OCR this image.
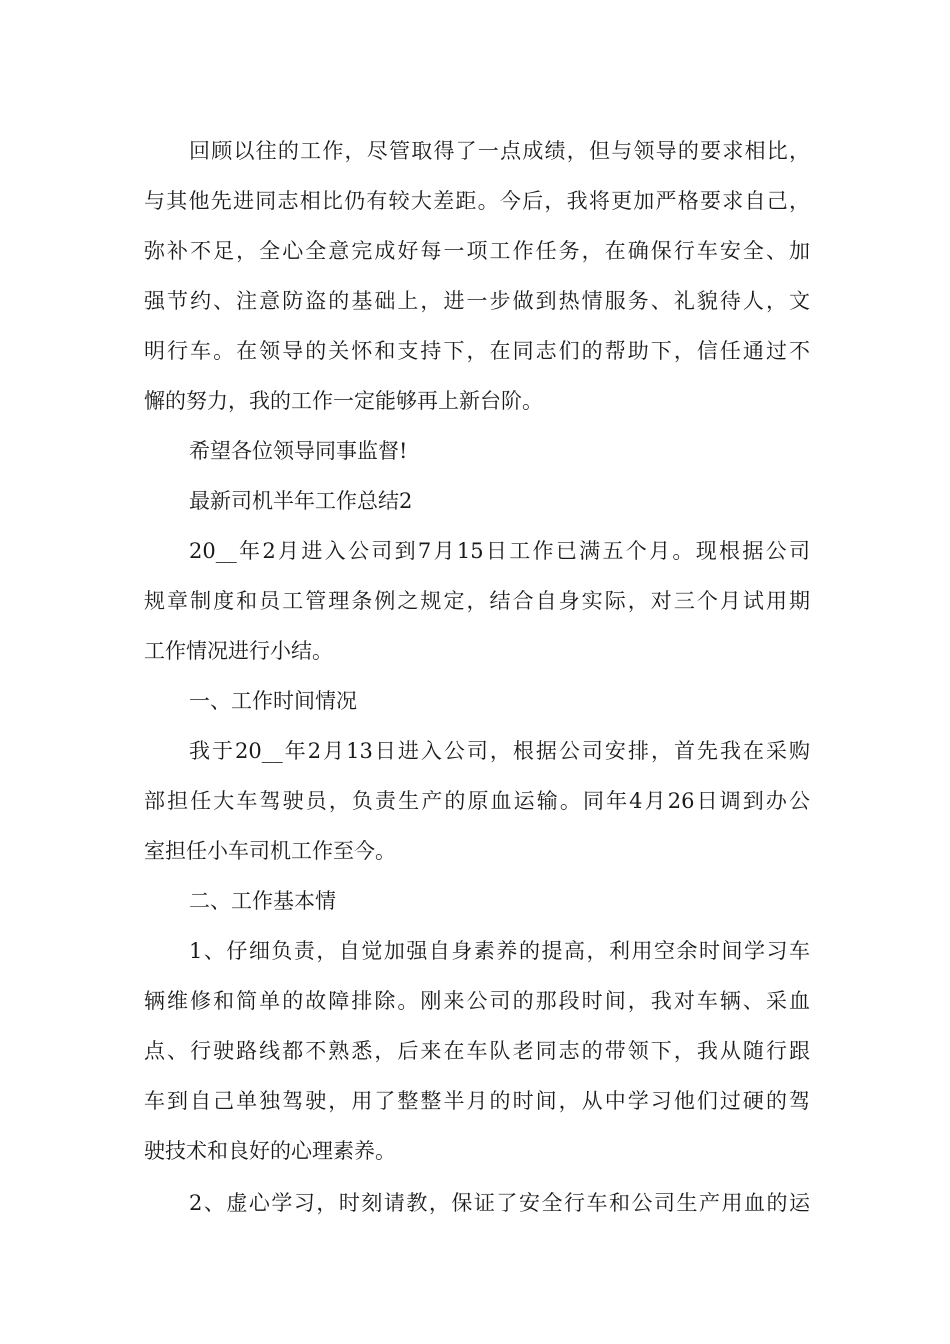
回顾以往的工作，尽管取得了一点成绩，但与领导的要求相比，
与其他先进同志相比仍有较大差距。今后，我将更加严格要求自己，
弥补不足，全心全意完成好每一项工作任务，在确保行车安全、加
强节约、注意防盗的基础上，进一步做到热情服务、礼貌待人，文
明行车。在领导的关怀和支持下，在同志们的帮助下，信任通过不
懈的努力，我的工作一定能够再上新台阶。
希望各位领导同事监督!
最新司机半年工作总结2
20__年2月进入公司到7月15日工作已满五个月。现根据公司
规章制度和员工管理条例之规定，结合自身实际，对三个月试用期
工作情况进行小结。
一、工作时间情况
我于20__年2月13日进入公司，根据公司安排，首先我在采购
部担任大车驾驶员，负责生产的原血运输。同年4月26日调到办公
室担任小车司机工作至今。
二、工作基本情
1、仔细负责，自觉加强自身素养的提高，利用空余时间学习车
辆维修和简单的故障排除。刚来公司的那段时间，我对车辆、采血
点、行驶路线都不熟悉，后来在车队老同志的带领下，我从随行跟
车到自己单独驾驶，用了整整半月的时间，从中学习他们过硬的驾
驶技术和良好的心理素养。
2、虚心学习，时刻请教，保证了安全行车和公司生产用血的运
